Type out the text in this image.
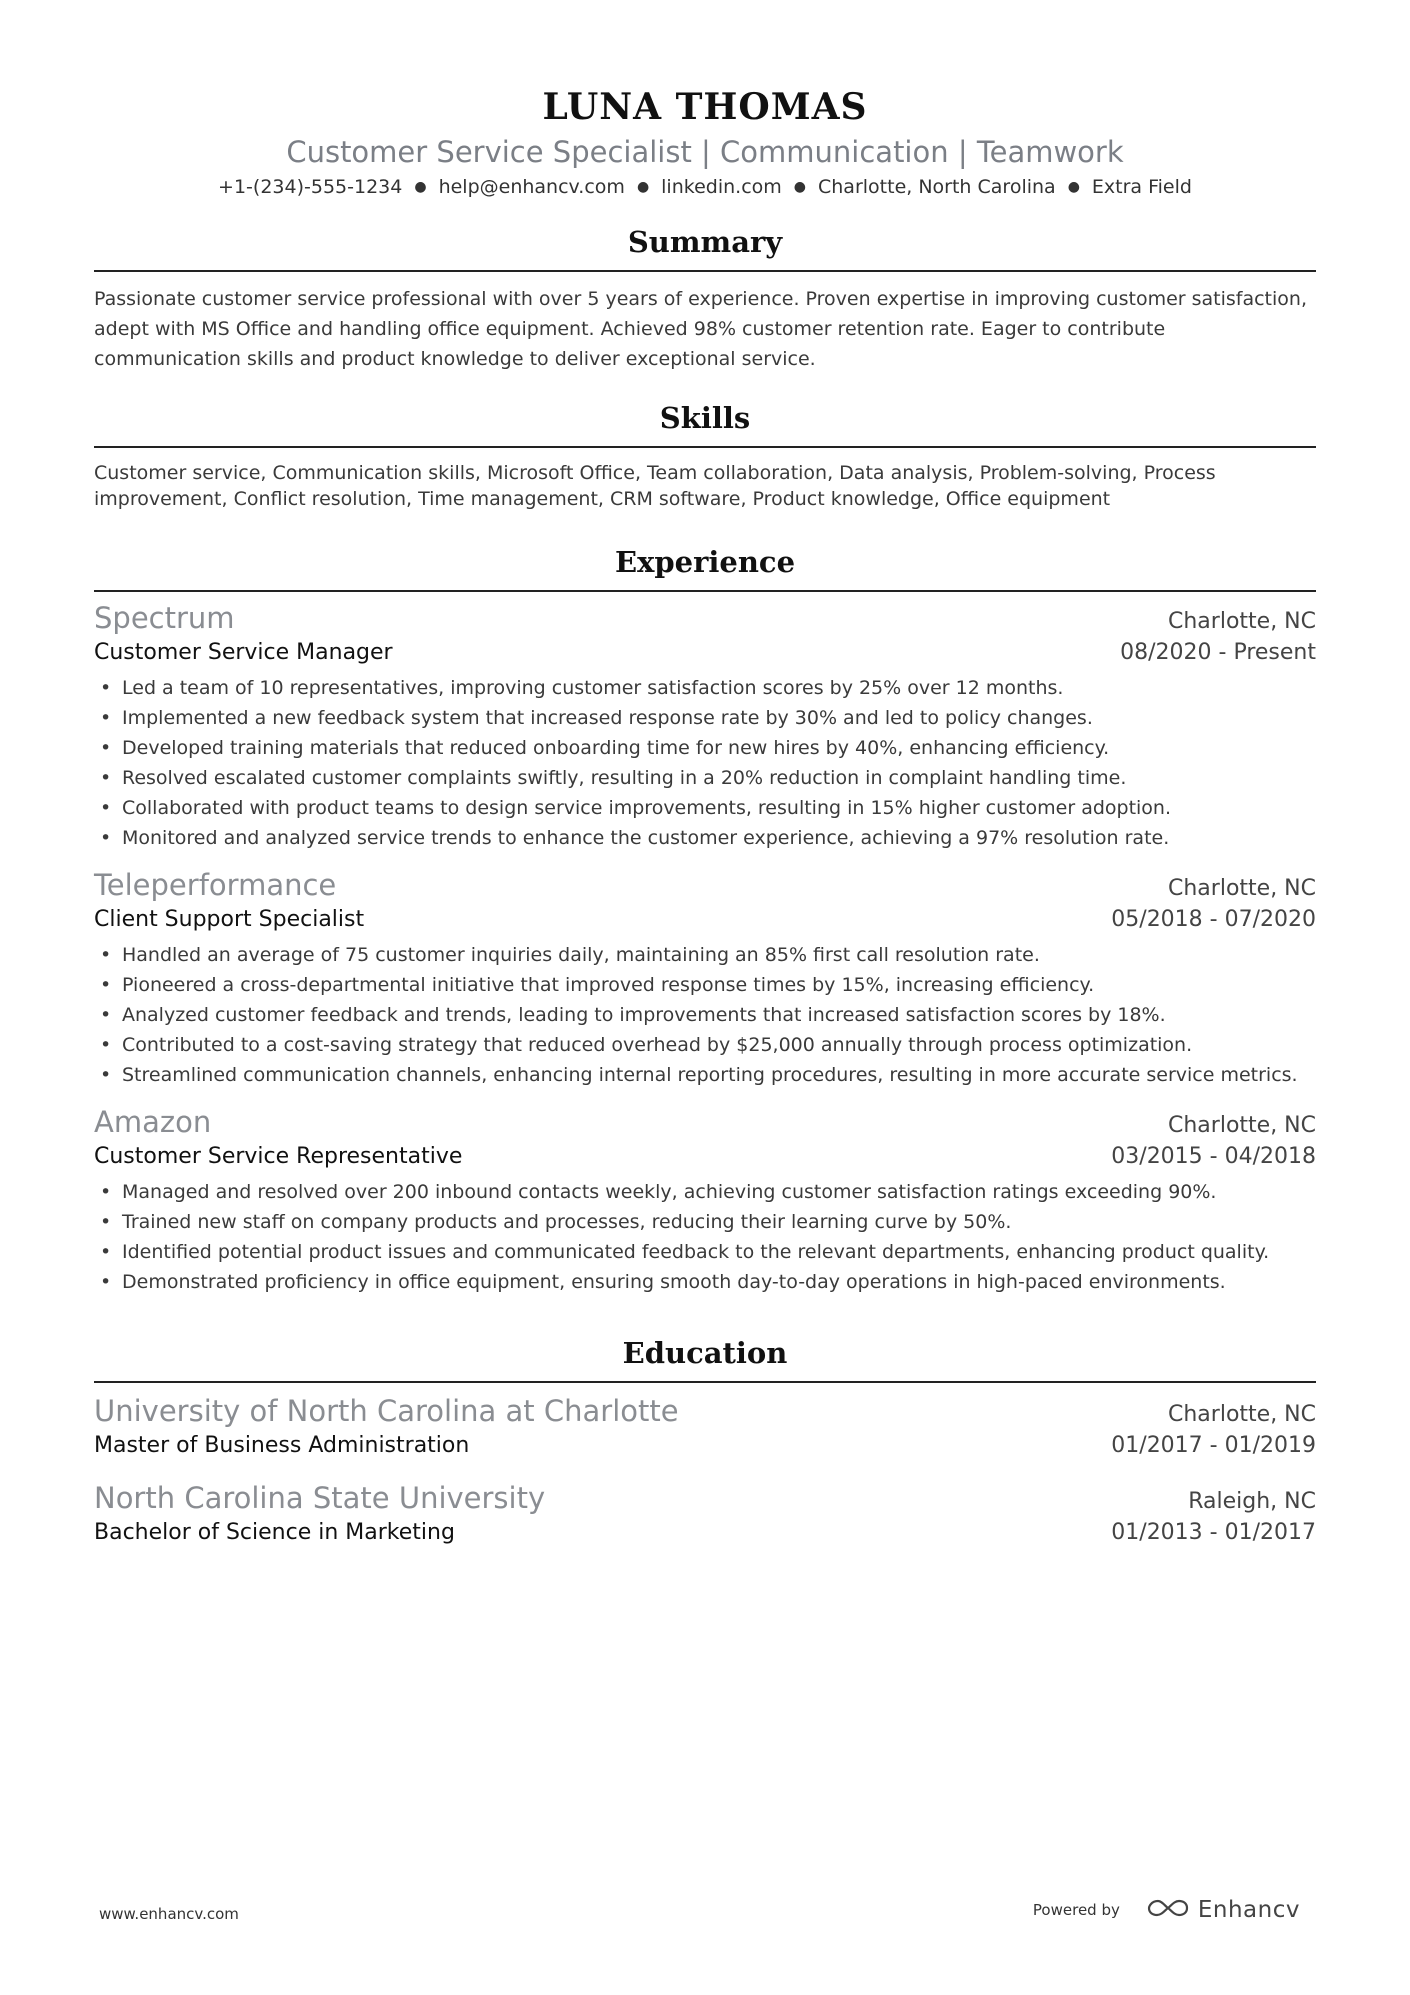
LUNA THOMAS
Customer Service Specialist | Communication | Teamwork
+1-(234)-555-1234 ● help@enhancv.com ● linkedin.com ● Charlotte, North Carolina ● Extra Field
Summary
Passionate customer service professional with over 5 years of experience. Proven expertise in improving customer satisfaction, adept with MS Office and handling office equipment. Achieved 98% customer retention rate. Eager to contribute communication skills and product knowledge to deliver exceptional service.
Skills
Customer service, Communication skills, Microsoft Office, Team collaboration, Data analysis, Problem-solving, Process improvement, Conflict resolution, Time management, CRM software, Product knowledge, Office equipment
Experience
Spectrum	Charlotte, NC
Customer Service Manager	08/2020 - Present
• Led a team of 10 representatives, improving customer satisfaction scores by 25% over 12 months.
• Implemented a new feedback system that increased response rate by 30% and led to policy changes.
• Developed training materials that reduced onboarding time for new hires by 40%, enhancing efficiency.
• Resolved escalated customer complaints swiftly, resulting in a 20% reduction in complaint handling time.
• Collaborated with product teams to design service improvements, resulting in 15% higher customer adoption.
• Monitored and analyzed service trends to enhance the customer experience, achieving a 97% resolution rate.
Teleperformance	Charlotte, NC
Client Support Specialist	05/2018 - 07/2020
• Handled an average of 75 customer inquiries daily, maintaining an 85% first call resolution rate.
• Pioneered a cross-departmental initiative that improved response times by 15%, increasing efficiency.
• Analyzed customer feedback and trends, leading to improvements that increased satisfaction scores by 18%.
• Contributed to a cost-saving strategy that reduced overhead by $25,000 annually through process optimization.
• Streamlined communication channels, enhancing internal reporting procedures, resulting in more accurate service metrics.
Amazon	Charlotte, NC
Customer Service Representative	03/2015 - 04/2018
• Managed and resolved over 200 inbound contacts weekly, achieving customer satisfaction ratings exceeding 90%.
• Trained new staff on company products and processes, reducing their learning curve by 50%.
• Identified potential product issues and communicated feedback to the relevant departments, enhancing product quality.
• Demonstrated proficiency in office equipment, ensuring smooth day-to-day operations in high-paced environments.
Education
University of North Carolina at Charlotte	Charlotte, NC
Master of Business Administration	01/2017 - 01/2019
North Carolina State University	Raleigh, NC
Bachelor of Science in Marketing	01/2013 - 01/2017
www.enhancv.com	Powered by	Enhancv
